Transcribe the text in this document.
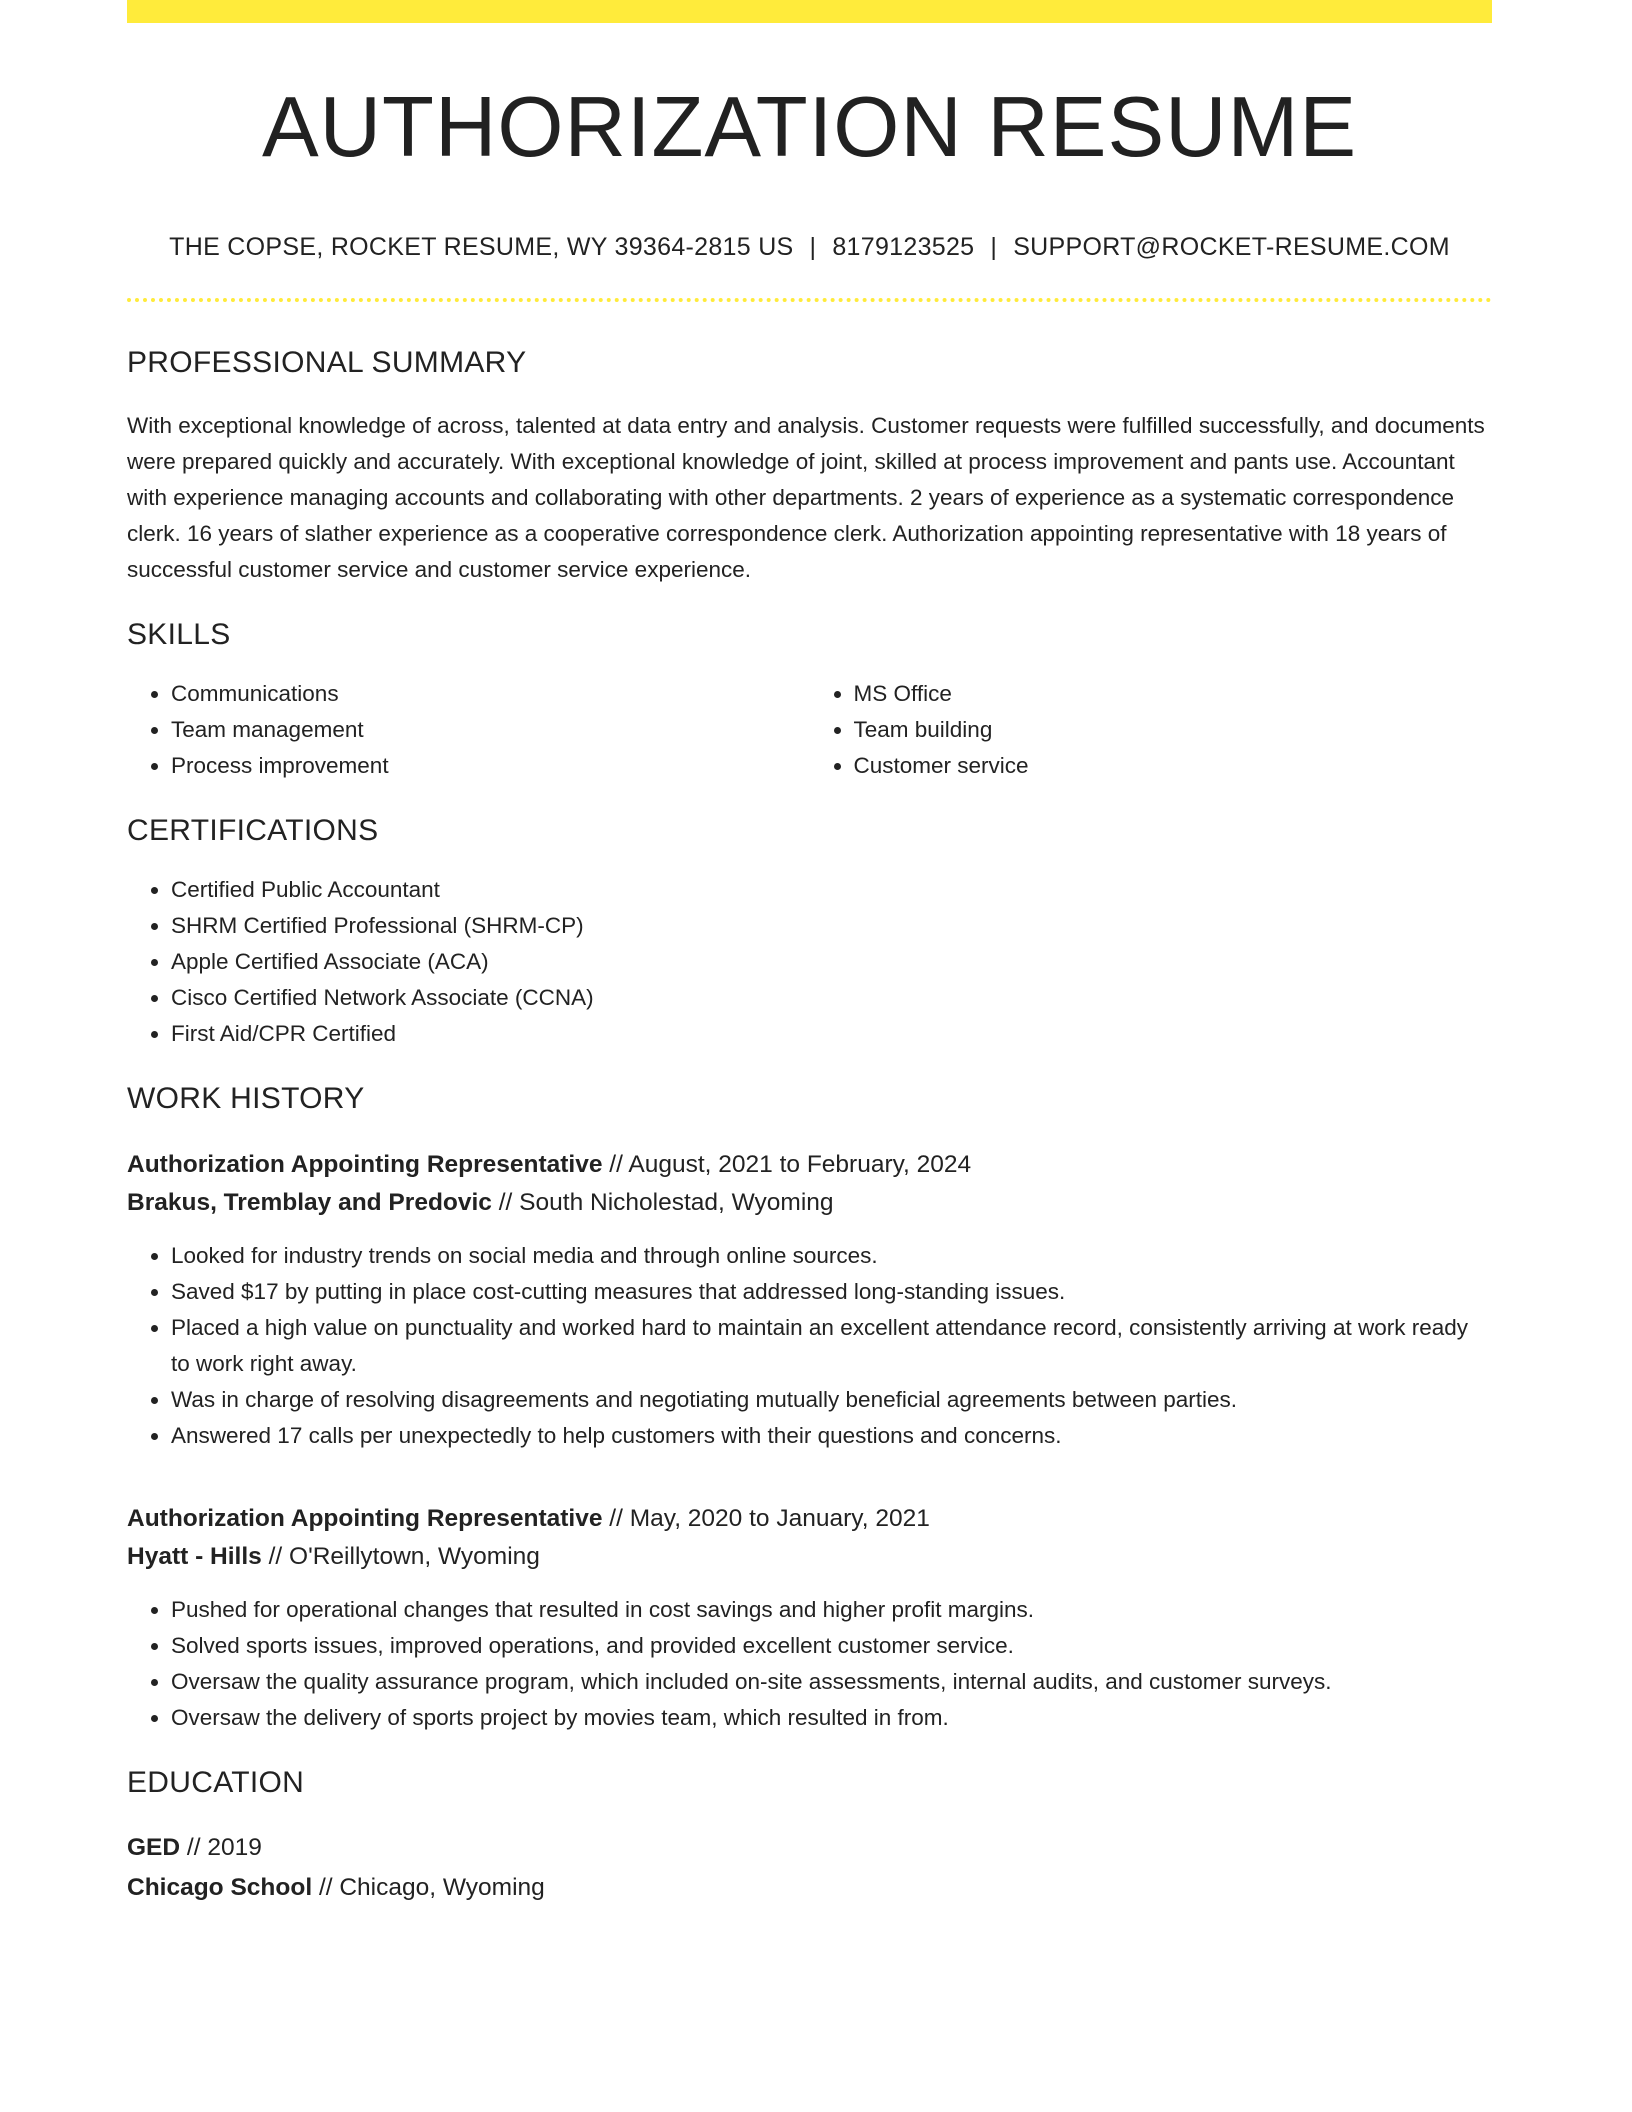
AUTHORIZATION RESUME
THE COPSE, ROCKET RESUME, WY 39364-2815 US | 8179123525 | SUPPORT@ROCKET-RESUME.COM
PROFESSIONAL SUMMARY

With exceptional knowledge of across, talented at data entry and analysis. Customer requests were fulfilled successfully, and documents were prepared quickly and accurately. With exceptional knowledge of joint, skilled at process improvement and pants use. Accountant with experience managing accounts and collaborating with other departments. 2 years of experience as a systematic correspondence clerk. 16 years of slather experience as a cooperative correspondence clerk. Authorization appointing representative with 18 years of successful customer service and customer service experience.

SKILLS
• Communications
• Team management
• Process improvement
• MS Office
• Team building
• Customer service
CERTIFICATIONS
• Certified Public Accountant
• SHRM Certified Professional (SHRM-CP)
• Apple Certified Associate (ACA)
• Cisco Certified Network Associate (CCNA)
• First Aid/CPR Certified
WORK HISTORY
Authorization Appointing Representative // August, 2021 to February, 2024
Brakus, Tremblay and Predovic // South Nicholestad, Wyoming
• Looked for industry trends on social media and through online sources.
• Saved $17 by putting in place cost-cutting measures that addressed long-standing issues.
• Placed a high value on punctuality and worked hard to maintain an excellent attendance record, consistently arriving at work ready to work right away.
• Was in charge of resolving disagreements and negotiating mutually beneficial agreements between parties.
• Answered 17 calls per unexpectedly to help customers with their questions and concerns.
Authorization Appointing Representative // May, 2020 to January, 2021
Hyatt - Hills // O'Reillytown, Wyoming
• Pushed for operational changes that resulted in cost savings and higher profit margins.
• Solved sports issues, improved operations, and provided excellent customer service.
• Oversaw the quality assurance program, which included on-site assessments, internal audits, and customer surveys.
• Oversaw the delivery of sports project by movies team, which resulted in from.
EDUCATION
GED // 2019
Chicago School // Chicago, Wyoming
